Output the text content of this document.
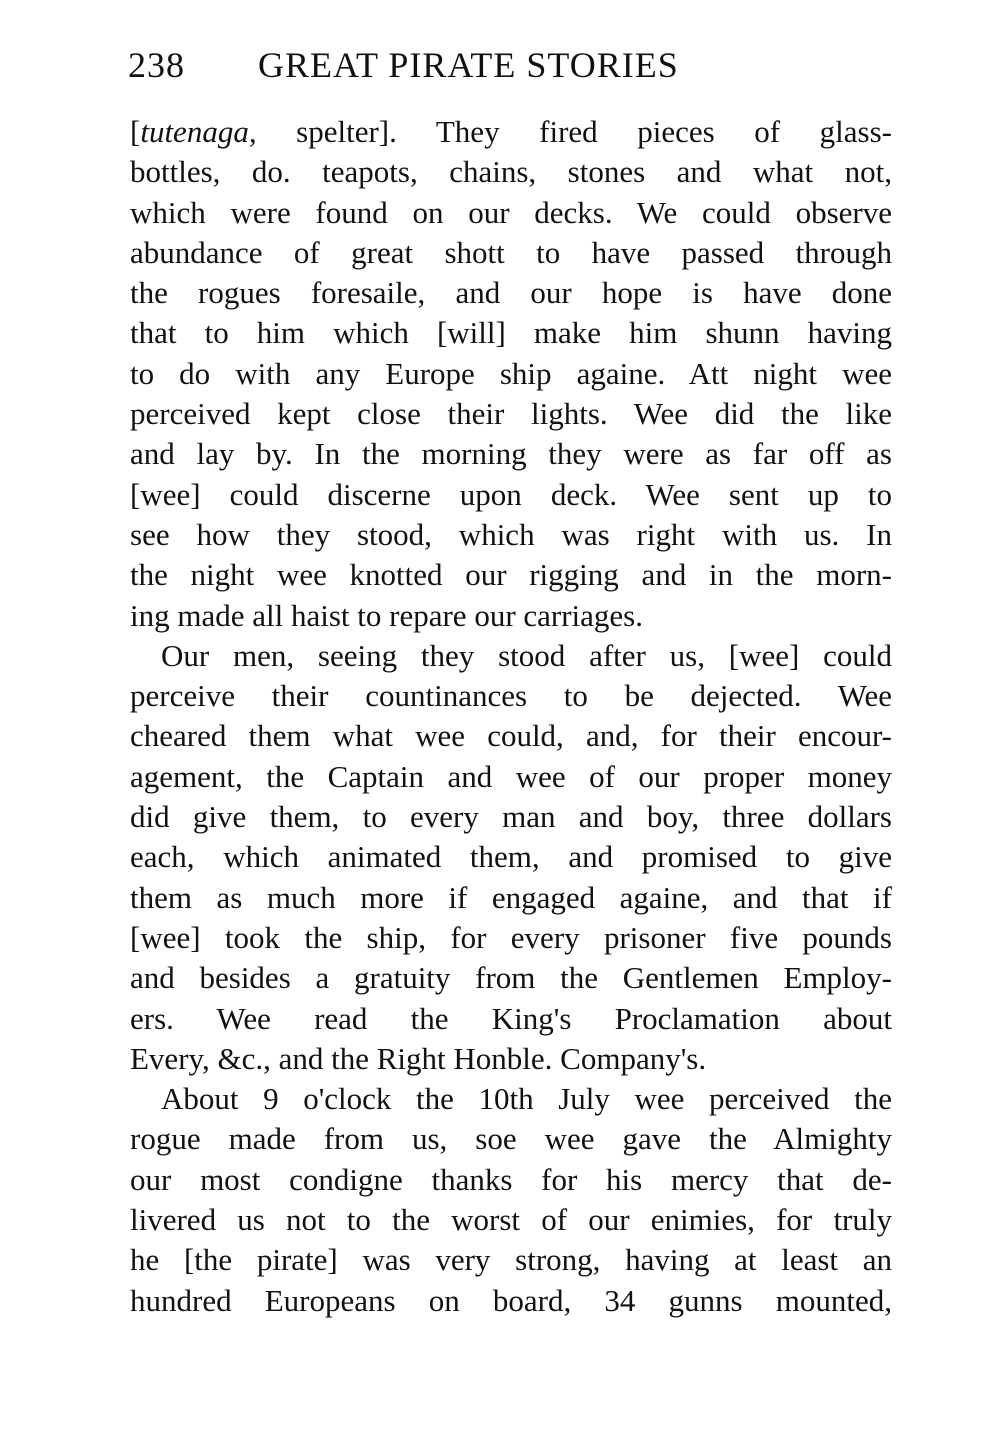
238	GREAT PIRATE STORIES
[tutenaga, spelter]. They fired pieces of glass-
bottles, do. teapots, chains, stones and what not,
which were found on our decks. We could observe
abundance of great shott to have passed through
the rogues foresaile, and our hope is have done
that to him which [will] make him shunn having
to do with any Europe ship againe. Att night wee
perceived kept close their lights. Wee did the like
and lay by. In the morning they were as far off as
[wee] could discerne upon deck. Wee sent up to
see how they stood, which was right with us. In
the night wee knotted our rigging and in the morn-
ing made all haist to repare our carriages.
Our men, seeing they stood after us, [wee] could
perceive their countinances to be dejected. Wee
cheared them what wee could, and, for their encour-
agement, the Captain and wee of our proper money
did give them, to every man and boy, three dollars
each, which animated them, and promised to give
them as much more if engaged againe, and that if
[wee] took the ship, for every prisoner five pounds
and besides a gratuity from the Gentlemen Employ-
ers. Wee read the King's Proclamation about
Every, &c., and the Right Honble. Company's.
About 9 o'clock the 10th July wee perceived the
rogue made from us, soe wee gave the Almighty
our most condigne thanks for his mercy that de-
livered us not to the worst of our enimies, for truly
he [the pirate] was very strong, having at least an
hundred Europeans on board, 34 gunns mounted,
